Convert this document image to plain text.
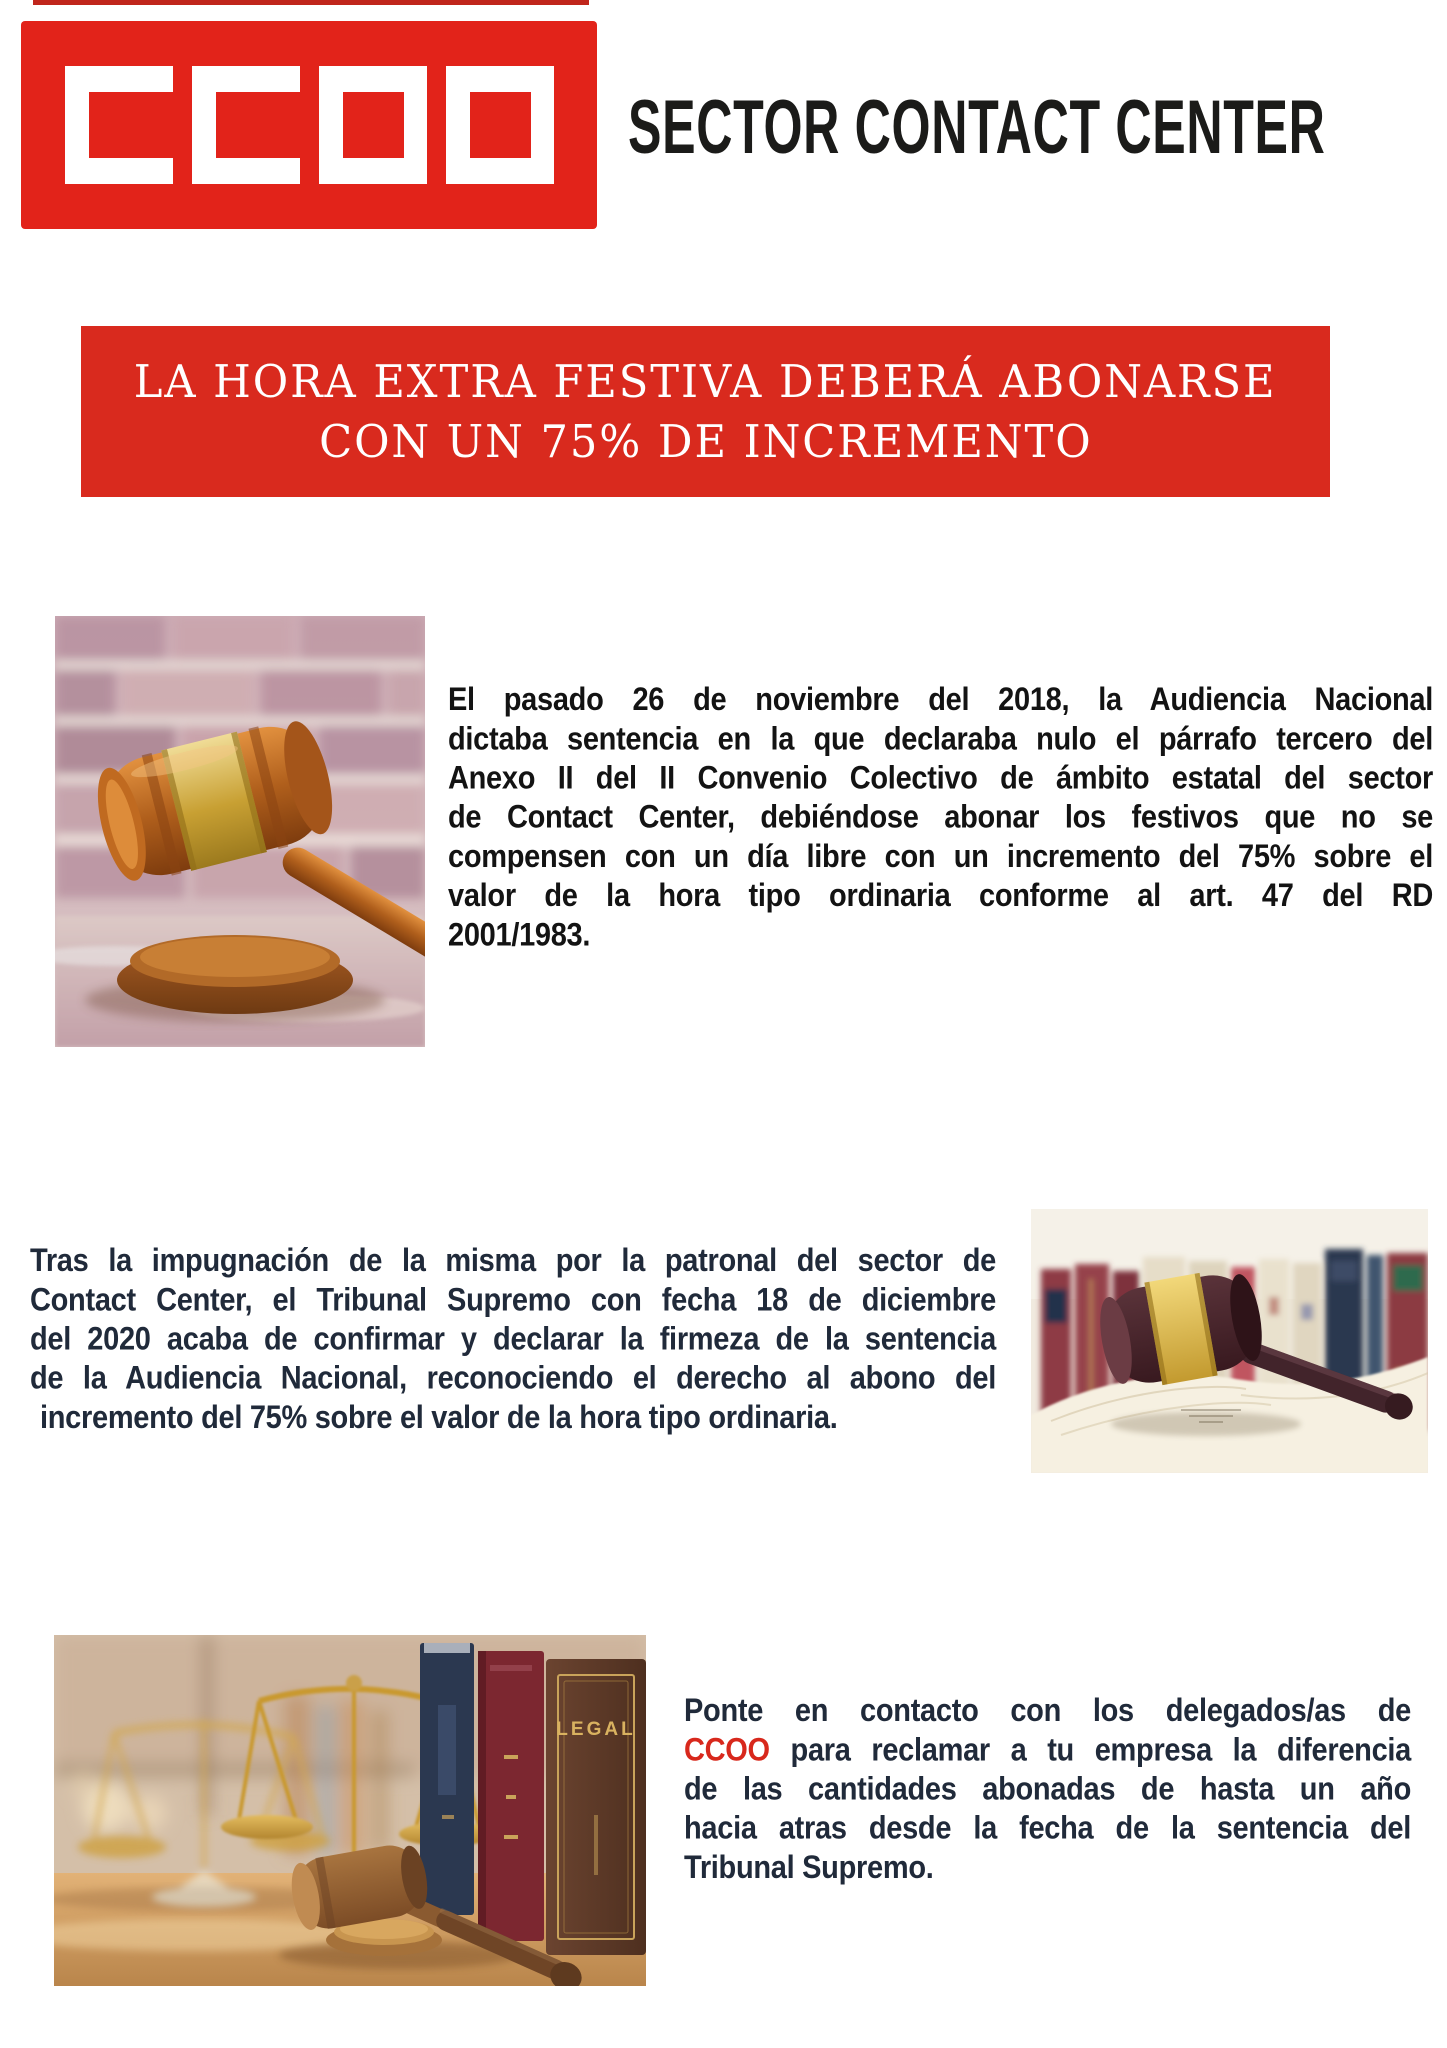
SECTOR CONTACT CENTER
LA HORA EXTRA FESTIVA DEBERÁ ABONARSE
CON UN 75% DE INCREMENTO
El pasado 26 de noviembre del 2018, la Audiencia Nacional
dictaba sentencia en la que declaraba nulo el párrafo tercero del
Anexo II del II Convenio Colectivo de ámbito estatal del sector
de Contact Center, debiéndose abonar los festivos que no se
compensen con un día libre con un incremento del 75% sobre el
valor de la hora tipo ordinaria conforme al art. 47 del RD
2001/1983.
Tras la impugnación de la misma por la patronal del sector de
Contact Center, el Tribunal Supremo con fecha 18 de diciembre
del 2020 acaba de confirmar y declarar la firmeza de la sentencia
de la Audiencia Nacional, reconociendo el derecho al abono del
incremento del 75% sobre el valor de la hora tipo ordinaria.
LEGAL
Ponte en contacto con los delegados/as de
CCOO para reclamar a tu empresa la diferencia
de las cantidades abonadas de hasta un año
hacia atras desde la fecha de la sentencia del
Tribunal Supremo.
